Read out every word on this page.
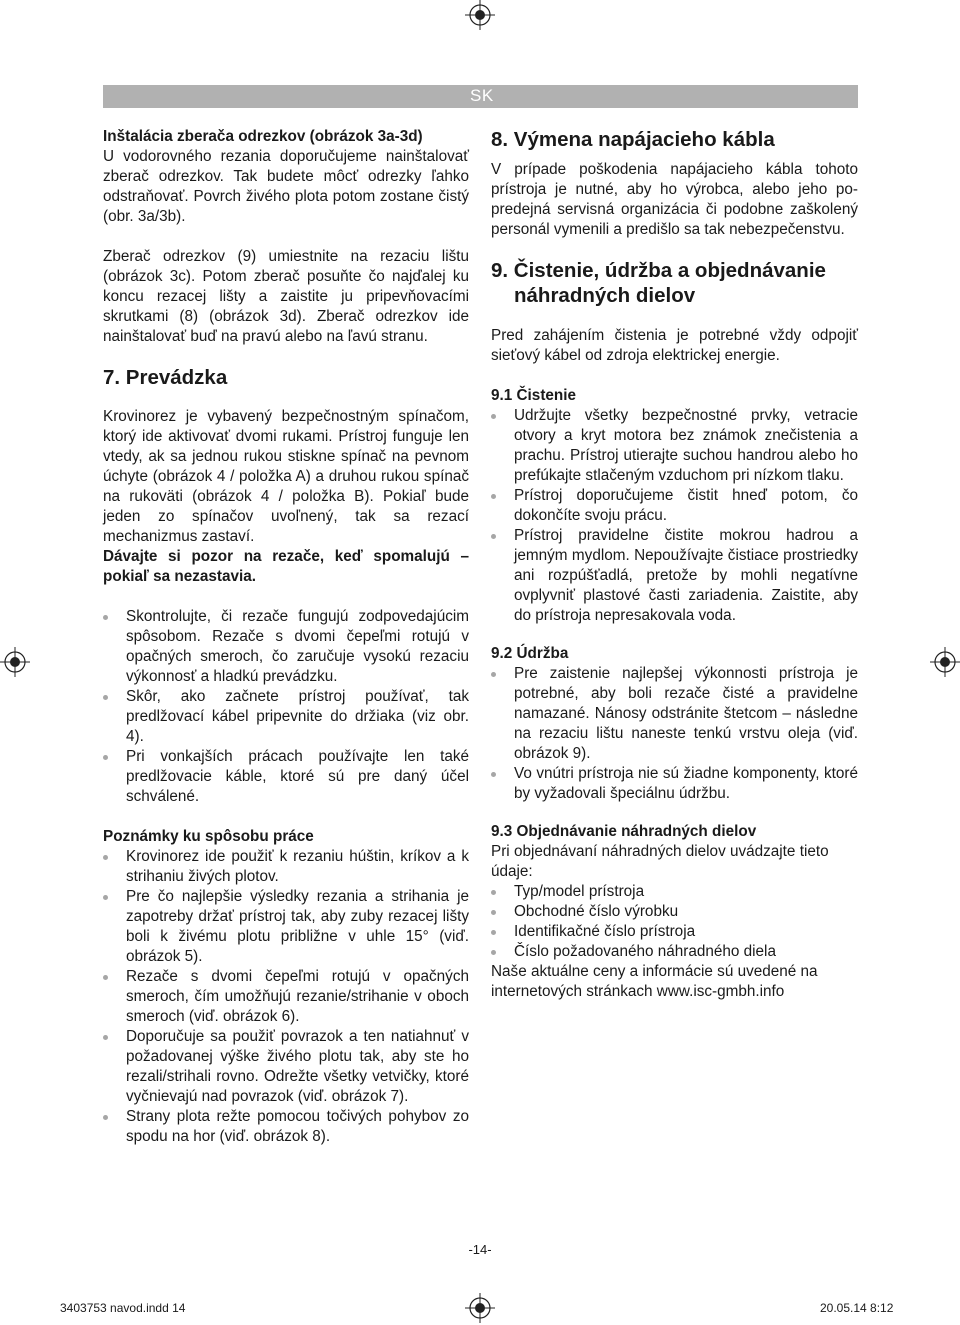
SK

Inštalácia zberača odrezkov (obrázok 3a-3d)

U vodorovného rezania doporučujeme nainštalovať zberač odrezkov. Tak budete môcť odrezky ľahko odstraňovať. Povrch živého plota potom zostane čistý (obr. 3a/3b).

Zberač odrezkov (9) umiestnite na rezaciu lištu (obrázok 3c). Potom zberač posuňte čo najďalej ku koncu rezacej lišty a zaistite ju pripevňovacími skrutkami (8) (obrázok 3d). Zberač odrezkov ide nainštalovať buď na pravú alebo na ľavú stranu.

7. Prevádzka

Krovinorez je vybavený bezpečnostným spínačom, ktorý ide aktivovať dvomi rukami. Prístroj funguje len vtedy, ak sa jednou rukou stiskne spínač na pevnom úchyte (obrázok 4 / položka A) a druhou rukou spínač na rukoväti (obrázok 4 / položka B). Pokiaľ bude jeden zo spínačov uvoľnený, tak sa rezací mechanizmus zastaví.

Dávajte si pozor na rezače, keď spomalujú – pokiaľ sa nezastavia.

Skontrolujte, či rezače fungujú zodpovedajúcim spôsobom. Rezače s dvomi čepeľmi rotujú v opačných smeroch, čo zaručuje vysokú rezaciu výkonnosť a hladkú prevádzku.
Skôr, ako začnete prístroj používať, tak predlžovací kábel pripevnite do držiaka (viz obr. 4).
Pri vonkajších prácach používajte len také predlžovacie káble, ktoré sú pre daný účel schválené.

Poznámky ku spôsobu práce

Krovinorez ide použiť k rezaniu húštin, kríkov a k strihaniu živých plotov.
Pre čo najlepšie výsledky rezania a strihania je zapotreby držať prístroj tak, aby zuby rezacej lišty boli k živému plotu približne v uhle 15° (viď. obrázok 5).
Rezače s dvomi čepeľmi rotujú v opačných smeroch, čím umožňujú rezanie/strihanie v oboch smeroch (viď. obrázok 6).
Doporučuje sa použiť povrazok a ten natiahnuť v požadovanej výške živého plotu tak, aby ste ho rezali/strihali rovno. Odrežte všetky vetvičky, ktoré vyčnievajú nad povrazok (viď. obrázok 7).
Strany plota režte pomocou točivých pohybov zo spodu na hor (viď. obrázok 8).

8. Výmena napájacieho kábla

V prípade poškodenia napájacieho kábla tohoto prístroja je nutné, aby ho výrobca, alebo jeho po- predejná servisná organizácia či podobne zaškolený personál vymenili a predišlo sa tak nebezpečenstvu.

9. Čistenie, údržba a objednávanie

náhradných dielov

Pred zahájením čistenia je potrebné vždy odpojiť sieťový kábel od zdroja elektrickej energie.

9.1 Čistenie

Udržujte všetky bezpečnostné prvky, vetracie otvory a kryt motora bez známok znečistenia a prachu. Prístroj utierajte suchou handrou alebo ho prefúkajte stlačeným vzduchom pri nízkom tlaku.
Prístroj doporučujeme čistit hneď potom, čo dokončíte svoju prácu.
Prístroj pravidelne čistite mokrou hadrou a jemným mydlom. Nepoužívajte čistiace prostriedky ani rozpúšťadlá, pretože by mohli negatívne ovplyvniť plastové časti zariadenia. Zaistite, aby do prístroja nepresakovala voda.

9.2 Údržba

Pre zaistenie najlepšej výkonnosti prístroja je potrebné, aby boli rezače čisté a pravidelne namazané. Nánosy odstránite štetcom – následne na rezaciu lištu naneste tenkú vrstvu oleja (viď. obrázok 9).
Vo vnútri prístroja nie sú žiadne komponenty, ktoré by vyžadovali špeciálnu údržbu.

9.3 Objednávanie náhradných dielov

Pri objednávaní náhradných dielov uvádzajte tieto údaje:

Typ/model prístroja
Obchodné číslo výrobku
Identifikačné číslo prístroja
Číslo požadovaného náhradného diela

Naše aktuálne ceny a informácie sú uvedené na internetových stránkach www.isc-gmbh.info

-14-
3403753 navod.indd 14	20.05.14 8:12
